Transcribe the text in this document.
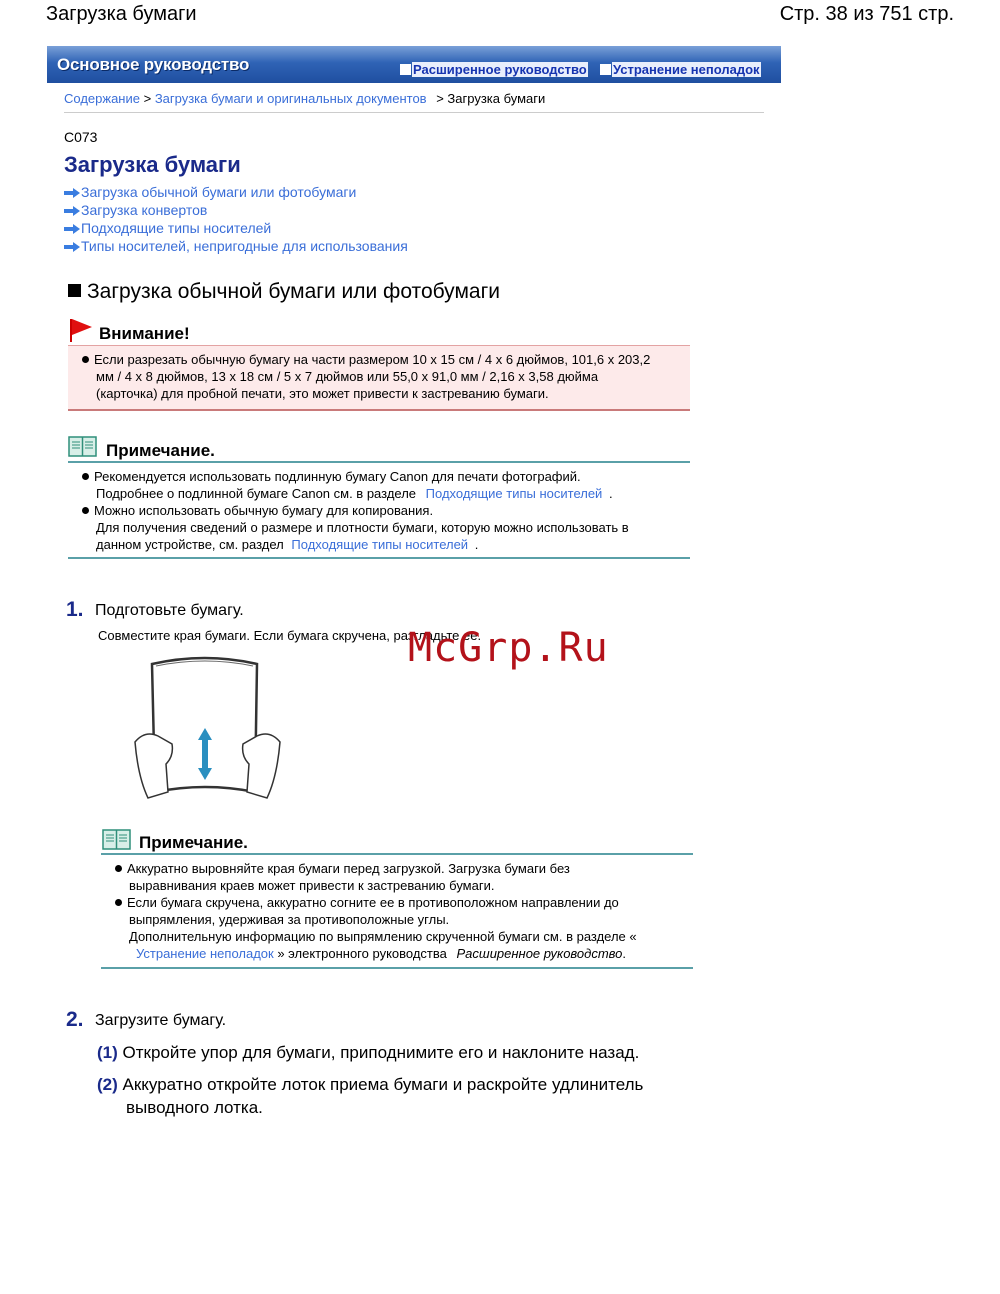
Загрузка бумаги	Стр. 38 из 751 стр.
Основное руководство	Расширенное руководство	Устранение неполадок
Содержание > Загрузка бумаги и оригинальных документов > Загрузка бумаги
C073
Загрузка бумаги
Загрузка обычной бумаги или фотобумаги
Загрузка конвертов
Подходящие типы носителей
Типы носителей, непригодные для использования
Загрузка обычной бумаги или фотобумаги
Внимание!
Если разрезать обычную бумагу на части размером 10 x 15 см / 4 x 6 дюймов, 101,6 x 203,2
мм / 4 x 8 дюймов, 13 x 18 см / 5 x 7 дюймов или 55,0 x 91,0 мм / 2,16 x 3,58 дюйма
(карточка) для пробной печати, это может привести к застреванию бумаги.
Примечание.
Рекомендуется использовать подлинную бумагу Canon для печати фотографий.
Подробнее о подлинной бумаге Canon см. в разделе Подходящие типы носителей .
Можно использовать обычную бумагу для копирования.
Для получения сведений о размере и плотности бумаги, которую можно использовать в
данном устройстве, см. раздел Подходящие типы носителей .
1. Подготовьте бумагу.
Совместите края бумаги. Если бумага скручена, разгладьте ее.
McGrp.Ru
Примечание.
Аккуратно выровняйте края бумаги перед загрузкой. Загрузка бумаги без
выравнивания краев может привести к застреванию бумаги.
Если бумага скручена, аккуратно согните ее в противоположном направлении до
выпрямления, удерживая за противоположные углы.
Дополнительную информацию по выпрямлению скрученной бумаги см. в разделе «
Устранение неполадок » электронного руководства Расширенное руководство.
2. Загрузите бумагу.
(1) Откройте упор для бумаги, приподнимите его и наклоните назад.
(2) Аккуратно откройте лоток приема бумаги и раскройте удлинитель
выводного лотка.
